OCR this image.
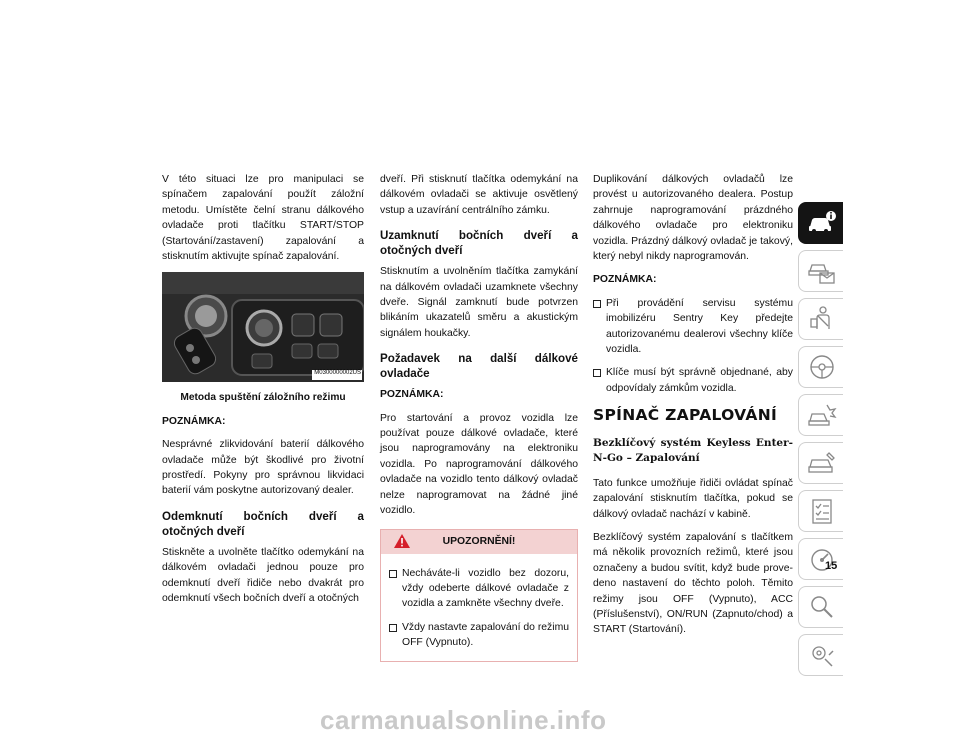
V této situaci lze pro manipulaci se spínačem zapalování použít záložní metodu. Umístěte čelní stranu dálkového ovladače proti tlačítku START/STOP (Startování/zastavení) zapalování a stisknutím aktivujte spínač zapalování.

M0300000002US

Metoda spuštění záložního režimu

POZNÁMKA:

Nesprávné zlikvidování baterií dálkového ovladače může být škodlivé pro životní prostředí. Pokyny pro správnou likvidaci baterií vám poskytne autorizovaný dealer.

Odemknutí bočních dveří a otočných dveří

Stiskněte a uvolněte tlačítko odemykání na dálkovém ovladači jednou pouze pro odemknutí dveří řidiče nebo dvakrát pro odemknutí všech bočních dveří a otočných

dveří. Při stisknutí tlačítka odemykání na dálkovém ovladači se aktivuje osvětlený vstup a uzavírání centrálního zámku.

Uzamknutí bočních dveří a otočných dveří

Stisknutím a uvolněním tlačítka zamykání na dálkovém ovladači uzamknete všechny dveře. Signál zamknutí bude potvrzen blikáním ukazatelů směru a akustickým signálem houkačky.

Požadavek na další dálkové ovladače

POZNÁMKA:

Pro startování a provoz vozidla lze používat pouze dálkové ovladače, které jsou naprogramovány na elektroniku vozidla. Po naprogramování dálkového ovladače na vozidlo tento dálkový ovladač nelze naprogramovat na žádné jiné vozidlo.

UPOZORNĚNÍ!
Necháváte-li vozidlo bez dozoru, vždy odeberte dálkové ovladače z vozidla a zamkněte všechny dveře.
Vždy nastavte zapalování do režimu OFF (Vypnuto).

Duplikování dálkových ovladačů lze provést u autorizovaného dealera. Postup zahrnuje naprogramování prázdného dálkového ovladače pro elektroniku vozidla. Prázdný dálkový ovladač je takový, který nebyl nikdy naprogramován.

POZNÁMKA:

Při provádění servisu systému imobilizéru Sentry Key předejte autorizovanému dealerovi všechny klíče vozidla.
Klíče musí být správně objednané, aby odpovídaly zámkům vozidla.
SPÍNAČ ZAPALOVÁNÍ
Bezklíčový systém Keyless Enter-N-Go – Zapalování

Tato funkce umožňuje řidiči ovládat spínač zapalování stisknutím tlačítka, pokud se dálkový ovladač nachází v kabině.

Bezklíčový systém zapalování s tlačítkem má několik provozních režimů, které jsou označeny a budou svítit, když bude prove-deno nastavení do těchto poloh. Těmito režimy jsou OFF (Vypnuto), ACC (Příslušenství), ON/RUN (Zapnuto/chod) a START (Startování).

15
carmanualsonline.info
